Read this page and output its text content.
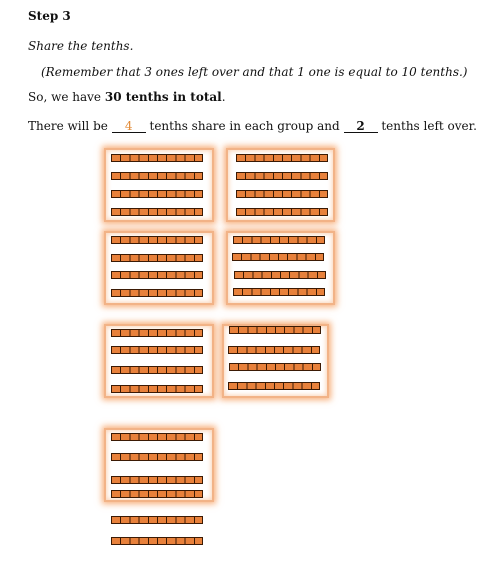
Step 3
Share the tenths.
(Remember that 3 ones left over and that 1 one is equal to 10 tenths.)
So, we have 30 tenths in total.
There will be 4 tenths share in each group and 2 tenths left over.
